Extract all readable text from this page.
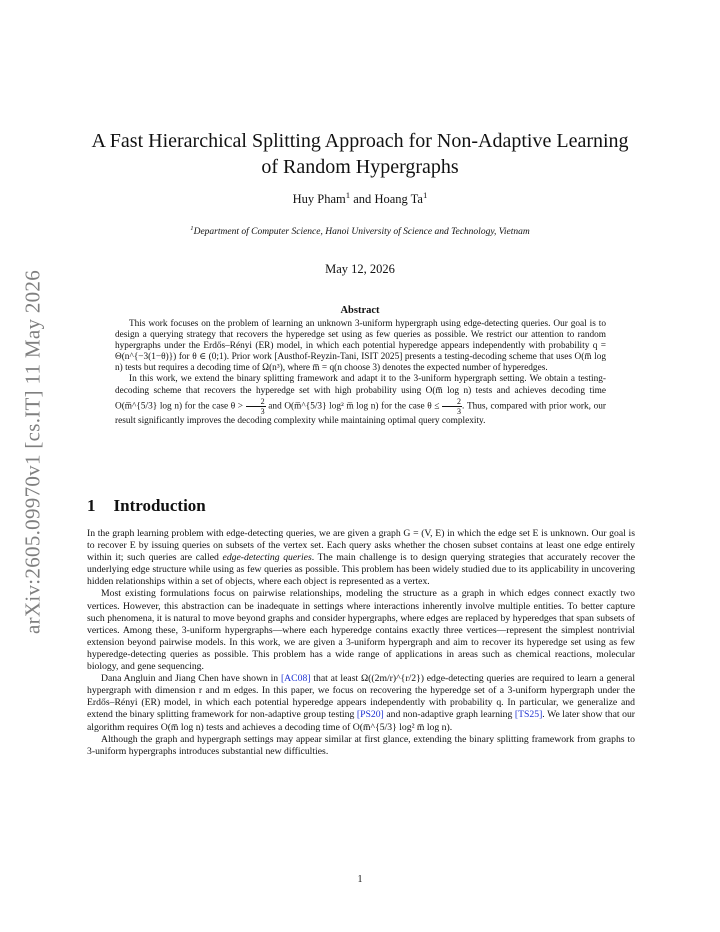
arXiv:2605.09970v1 [cs.IT] 11 May 2026
A Fast Hierarchical Splitting Approach for Non-Adaptive Learning
of Random Hypergraphs
Huy Pham$^1$ and Hoang Ta$^1$
$^1$Department of Computer Science, Hanoi University of Science and Technology, Vietnam
May 12, 2026
Abstract

This work focuses on the problem of learning an unknown 3-uniform hypergraph using edge-detecting queries. Our goal is to design a querying strategy that recovers the hyperedge set using as few queries as possible. We restrict our attention to random hypergraphs under the Erdős–Rényi (ER) model, in which each potential hyperedge appears independently with probability q = Θ(n^{−3(1−θ)}) for θ ∈ (0;1). Prior work [Austhof-Reyzin-Tani, ISIT 2025] presents a testing-decoding scheme that uses O(m̅ log n) tests but requires a decoding time of Ω(n³), where m̅ = q(n choose 3) denotes the expected number of hyperedges.

In this work, we extend the binary splitting framework and adapt it to the 3-uniform hypergraph setting. We obtain a testing-decoding scheme that recovers the hyperedge set with high probability using O(m̅ log n) tests and achieves decoding time O(m̅^{5/3} log n) for the case $\theta > \frac{2}{3}$ and O(m̅^{5/3} log² m̅ log n) for the case $\theta \le \frac{2}{3}$ . Thus, compared with prior work, our result significantly improves the decoding complexity while maintaining optimal query complexity.

1 Introduction

In the graph learning problem with edge-detecting queries, we are given a graph G = (V, E) in which the edge set E is unknown. Our goal is to recover E by issuing queries on subsets of the vertex set. Each query asks whether the chosen subset contains at least one edge entirely within it; such queries are called edge-detecting queries. The main challenge is to design querying strategies that accurately recover the underlying edge structure while using as few queries as possible. This problem has been widely studied due to its applicability in uncovering hidden relationships within a set of objects, where each object is represented as a vertex.

Most existing formulations focus on pairwise relationships, modeling the structure as a graph in which edges connect exactly two vertices. However, this abstraction can be inadequate in settings where interactions inherently involve multiple entities. To better capture such phenomena, it is natural to move beyond graphs and consider hypergraphs, where edges are replaced by hyperedges that span subsets of vertices. Among these, 3-uniform hypergraphs—where each hyperedge contains exactly three vertices—represent the simplest nontrivial extension beyond pairwise models. In this work, we are given a 3-uniform hypergraph and aim to recover its hyperedge set using as few hyperedge-detecting queries as possible. This problem has a wide range of applications in areas such as chemical reactions, molecular biology, and gene sequencing.

Dana Angluin and Jiang Chen have shown in [AC08] that at least Ω((2m/r)^{r/2}) edge-detecting queries are required to learn a general hypergraph with dimension r and m edges. In this paper, we focus on recovering the hyperedge set of a 3-uniform hypergraph under the Erdős–Rényi (ER) model, in which each potential hyperedge appears independently with probability q. In particular, we generalize and extend the binary splitting framework for non-adaptive group testing [PS20] and non-adaptive graph learning [TS25]. We later show that our algorithm requires O(m̅ log n) tests and achieves a decoding time of O(m̅^{5/3} log² m̅ log n).

Although the graph and hypergraph settings may appear similar at first glance, extending the binary splitting framework from graphs to 3-uniform hypergraphs introduces substantial new difficulties.

1
